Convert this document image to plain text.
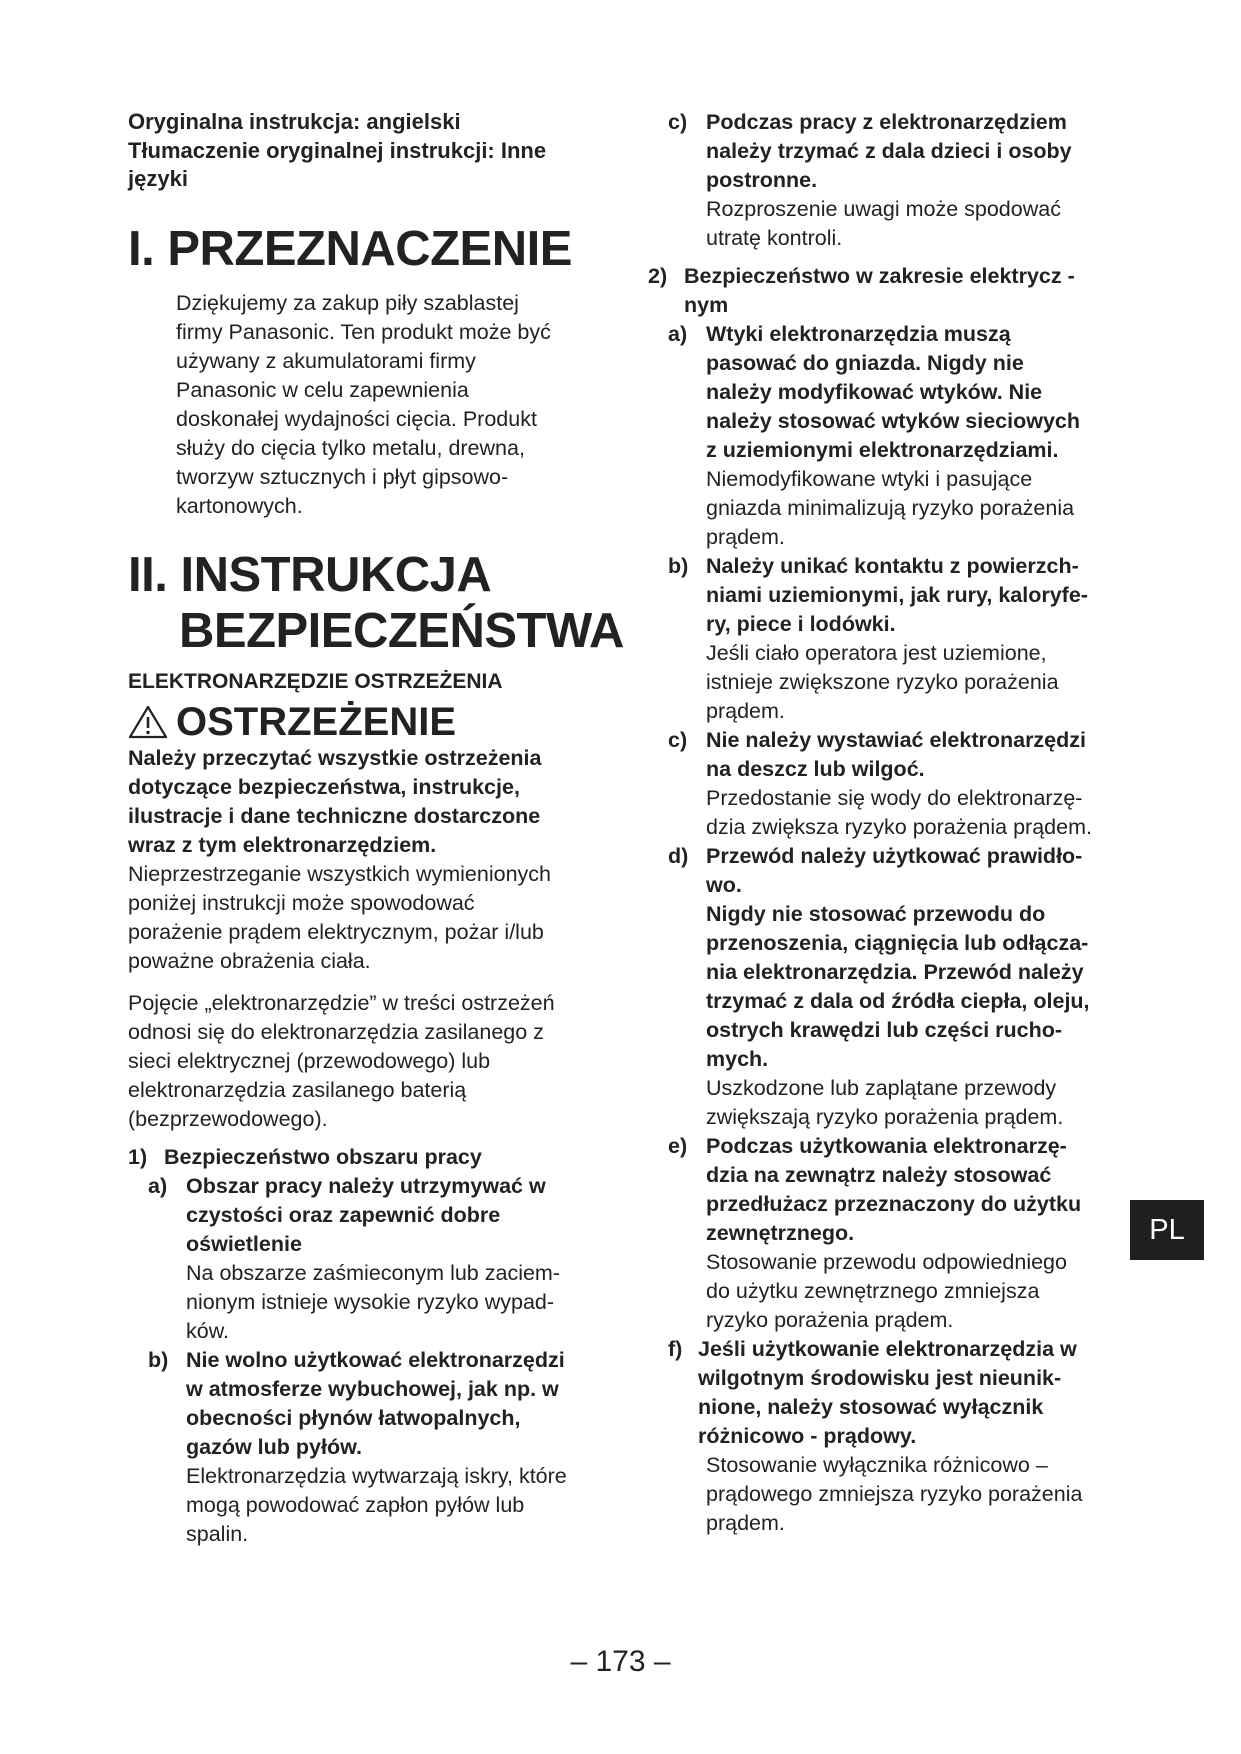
Oryginalna instrukcja: angielski
Tłumaczenie oryginalnej instrukcji: Inne
języki
I. PRZEZNACZENIE
Dziękujemy za zakup piły szablastej
firmy Panasonic. Ten produkt może być
używany z akumulatorami firmy
Panasonic w celu zapewnienia
doskonałej wydajności cięcia. Produkt
służy do cięcia tylko metalu, drewna,
tworzyw sztucznych i płyt gipsowo-
kartonowych.
II. INSTRUKCJA
BEZPIECZEŃSTWA
ELEKTRONARZĘDZIE OSTRZEŻENIA
OSTRZEŻENIE
Należy przeczytać wszystkie ostrzeżenia
dotyczące bezpieczeństwa, instrukcje,
ilustracje i dane techniczne dostarczone
wraz z tym elektronarzędziem.
Nieprzestrzeganie wszystkich wymienionych
poniżej instrukcji może spowodować
porażenie prądem elektrycznym, pożar i/lub
poważne obrażenia ciała.
Pojęcie „elektronarzędzie” w treści ostrzeżeń
odnosi się do elektronarzędzia zasilanego z
sieci elektrycznej (przewodowego) lub
elektronarzędzia zasilanego baterią
(bezprzewodowego).
1) Bezpieczeństwo obszaru pracy
a) Obszar pracy należy utrzymywać w
czystości oraz zapewnić dobre
oświetlenie
Na obszarze zaśmieconym lub zaciem-
nionym istnieje wysokie ryzyko wypad-
ków.
b) Nie wolno użytkować elektronarzędzi
w atmosferze wybuchowej, jak np. w
obecności płynów łatwopalnych,
gazów lub pyłów.
Elektronarzędzia wytwarzają iskry, które
mogą powodować zapłon pyłów lub
spalin.
c) Podczas pracy z elektronarzędziem
należy trzymać z dala dzieci i osoby
postronne.
Rozproszenie uwagi może spodować
utratę kontroli.
2) Bezpieczeństwo w zakresie elektrycz -
nym
a) Wtyki elektronarzędzia muszą
pasować do gniazda. Nigdy nie
należy modyfikować wtyków. Nie
należy stosować wtyków sieciowych
z uziemionymi elektronarzędziami.
Niemodyfikowane wtyki i pasujące
gniazda minimalizują ryzyko porażenia
prądem.
b) Należy unikać kontaktu z powierzch-
niami uziemionymi, jak rury, kaloryfe-
ry, piece i lodówki.
Jeśli ciało operatora jest uziemione,
istnieje zwiększone ryzyko porażenia
prądem.
c) Nie należy wystawiać elektronarzędzi
na deszcz lub wilgoć.
Przedostanie się wody do elektronarzę-
dzia zwiększa ryzyko porażenia prądem.
d) Przewód należy użytkować prawidło-
wo.
Nigdy nie stosować przewodu do
przenoszenia, ciągnięcia lub odłącza-
nia elektronarzędzia. Przewód należy
trzymać z dala od źródła ciepła, oleju,
ostrych krawędzi lub części rucho-
mych.
Uszkodzone lub zaplątane przewody
zwiększają ryzyko porażenia prądem.
e) Podczas użytkowania elektronarzę-
dzia na zewnątrz należy stosować
przedłużacz przeznaczony do użytku
zewnętrznego.
Stosowanie przewodu odpowiedniego
do użytku zewnętrznego zmniejsza
ryzyko porażenia prądem.
f) Jeśli użytkowanie elektronarzędzia w
wilgotnym środowisku jest nieunik-
nione, należy stosować wyłącznik
różnicowo - prądowy.
Stosowanie wyłącznika różnicowo –
prądowego zmniejsza ryzyko porażenia
prądem.
PL
– 173 –
